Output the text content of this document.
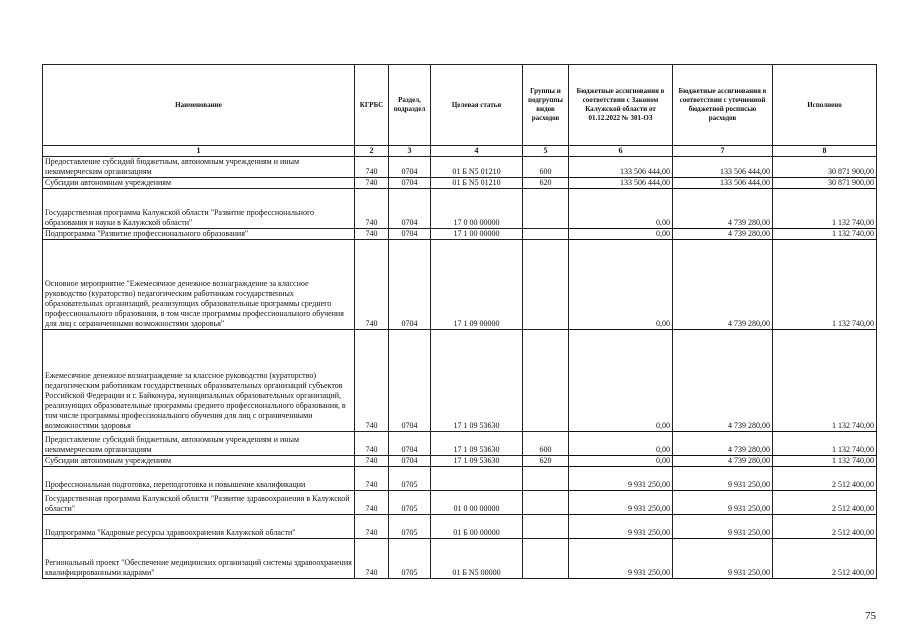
Наименование	КГРБС	Раздел, подраздел	Целевая статья	Группы и подгруппы видов расходов	Бюджетные ассигнования в соответствии с Законом Калужской области от 01.12.2022 № 301-ОЗ	Бюджетные ассигнования в соответствии с уточненной бюджетной росписью расходов	Исполнено
1	2	3	4	5	6	7	8
Предоставление субсидий бюджетным, автономным учреждениям и иным некоммерческим организациям	740	0704	01 Б N5 01210	600	133 506 444,00	133 506 444,00	30 871 900,00
Субсидии автономным учреждениям	740	0704	01 Б N5 01210	620	133 506 444,00	133 506 444,00	30 871 900,00
Государственная программа Калужской области "Развитие профессионального образования и науки в Калужской области"	740	0704	17 0 00 00000		0,00	4 739 280,00	1 132 740,00
Подпрограмма "Развитие профессионального образования"	740	0704	17 1 00 00000		0,00	4 739 280,00	1 132 740,00
Основное мероприятие "Ежемесячное денежное вознаграждение за классное руководство (кураторство) педагогическим работникам государственных образовательных организаций, реализующих образовательные программы среднего профессионального образования, в том числе программы профессионального обучения для лиц с ограниченными возможностями здоровья"	740	0704	17 1 09 00000		0,00	4 739 280,00	1 132 740,00
Ежемесячное денежное вознаграждение за классное руководство (кураторство) педагогическим работникам государственных образовательных организаций субъектов Российской Федерации и г. Байконура, муниципальных образовательных организаций, реализующих образовательные программы среднего профессионального образования, в том числе программы профессионального обучения для лиц с ограниченными возможностями здоровья	740	0704	17 1 09 53630		0,00	4 739 280,00	1 132 740,00
Предоставление субсидий бюджетным, автономным учреждениям и иным некоммерческим организациям	740	0704	17 1 09 53630	600	0,00	4 739 280,00	1 132 740,00
Субсидии автономным учреждениям	740	0704	17 1 09 53630	620	0,00	4 739 280,00	1 132 740,00
Профессиональная подготовка, переподготовка и повышение квалификации	740	0705			9 931 250,00	9 931 250,00	2 512 400,00
Государственная программа Калужской области "Развитие здравоохранения в Калужской области"	740	0705	01 0 00 00000		9 931 250,00	9 931 250,00	2 512 400,00
Подпрограмма "Кадровые ресурсы здравоохранения Калужской области"	740	0705	01 Б 00 00000		9 931 250,00	9 931 250,00	2 512 400,00
Региональный проект "Обеспечение медицинских организаций системы здравоохранения квалифицированными кадрами"	740	0705	01 Б N5 00000		9 931 250,00	9 931 250,00	2 512 400,00
75
